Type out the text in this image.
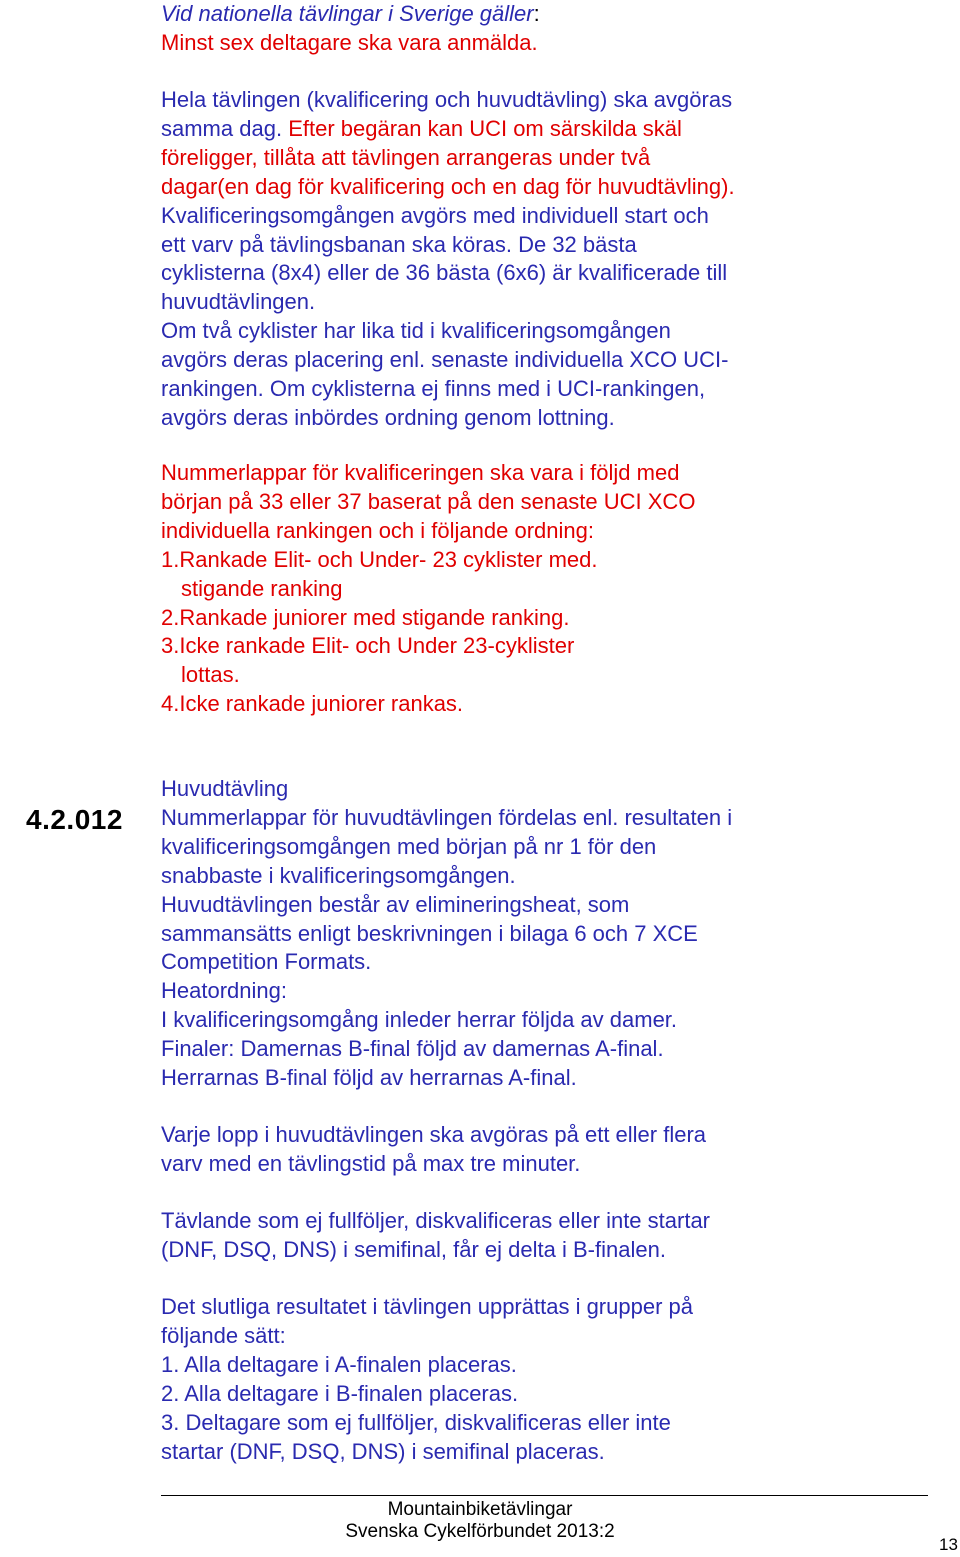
Vid nationella tävlingar i Sverige gäller:
Minst sex deltagare ska vara anmälda.
Hela tävlingen (kvalificering och huvudtävling) ska avgöras
samma dag. Efter begäran kan UCI om särskilda skäl
föreligger, tillåta att tävlingen arrangeras under två
dagar(en dag för kvalificering och en dag för huvudtävling).
Kvalificeringsomgången avgörs med individuell start och
ett varv på tävlingsbanan ska köras. De 32 bästa
cyklisterna (8x4) eller de 36 bästa (6x6) är kvalificerade till
huvudtävlingen.
Om två cyklister har lika tid i kvalificeringsomgången
avgörs deras placering enl. senaste individuella XCO UCI-
rankingen. Om cyklisterna ej finns med i UCI-rankingen,
avgörs deras inbördes ordning genom lottning.
Nummerlappar för kvalificeringen ska vara i följd med
början på 33 eller 37 baserat på den senaste UCI XCO
individuella rankingen och i följande ordning:
1.Rankade Elit- och Under- 23 cyklister med.
stigande ranking
2.Rankade juniorer med stigande ranking.
3.Icke rankade Elit- och Under 23-cyklister
lottas.
4.Icke rankade juniorer rankas.
4.2.012
Huvudtävling
Nummerlappar för huvudtävlingen fördelas enl. resultaten i
kvalificeringsomgången med början på nr 1 för den
snabbaste i kvalificeringsomgången.
Huvudtävlingen består av elimineringsheat, som
sammansätts enligt beskrivningen i bilaga 6 och 7 XCE
Competition Formats.
Heatordning:
I kvalificeringsomgång inleder herrar följda av damer.
Finaler: Damernas B-final följd av damernas A-final.
Herrarnas B-final följd av herrarnas A-final.
Varje lopp i huvudtävlingen ska avgöras på ett eller flera
varv med en tävlingstid på max tre minuter.
Tävlande som ej fullföljer, diskvalificeras eller inte startar
(DNF, DSQ, DNS) i semifinal, får ej delta i B-finalen.
Det slutliga resultatet i tävlingen upprättas i grupper på
följande sätt:
1. Alla deltagare i A-finalen placeras.
2. Alla deltagare i B-finalen placeras.
3. Deltagare som ej fullföljer, diskvalificeras eller inte
startar (DNF, DSQ, DNS) i semifinal placeras.
Mountainbiketävlingar
Svenska Cykelförbundet 2013:2
13
